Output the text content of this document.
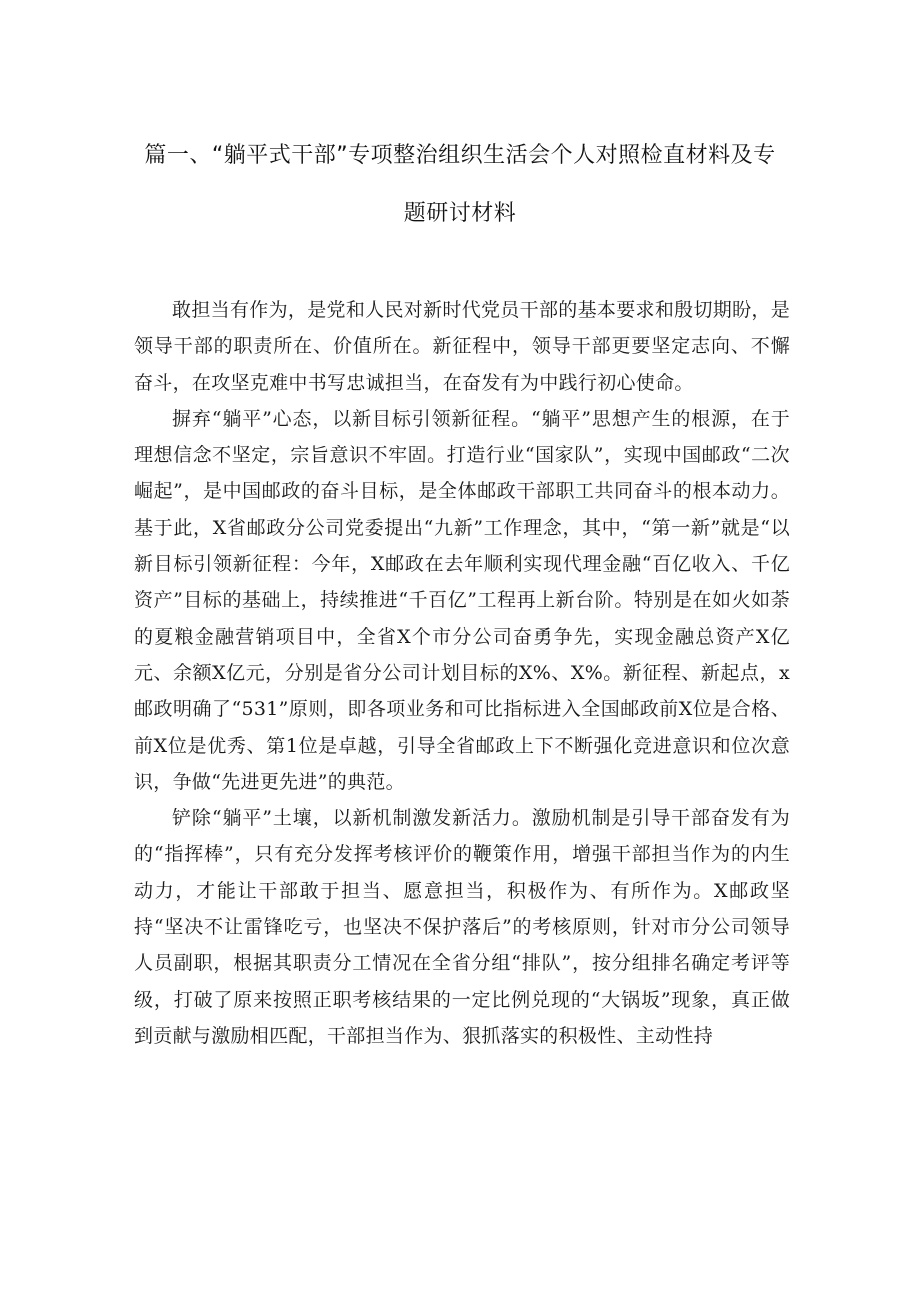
篇一、“躺平式干部”专项整治组织生活会个人对照检直材料及专
题研讨材料

敢担当有作为，是党和人民对新时代党员干部的基本要求和殷切期盼，是领导干部的职责所在、价值所在。新征程中，领导干部更要坚定志向、不懈奋斗，在攻坚克难中书写忠诚担当，在奋发有为中践行初心使命。

摒弃“躺平”心态，以新目标引领新征程。“躺平”思想产生的根源，在于理想信念不坚定，宗旨意识不牢固。打造行业“国家队”，实现中国邮政“二次崛起”，是中国邮政的奋斗目标，是全体邮政干部职工共同奋斗的根本动力。基于此，X省邮政分公司党委提出“九新”工作理念，其中，“第一新”就是“以新目标引领新征程：今年，X邮政在去年顺利实现代理金融“百亿收入、千亿资产”目标的基础上，持续推进“千百亿”工程再上新台阶。特别是在如火如荼的夏粮金融营销项目中，全省X个市分公司奋勇争先，实现金融总资产X亿元、余额X亿元，分别是省分公司计划目标的X%、X%。新征程、新起点，x邮政明确了“531”原则，即各项业务和可比指标进入全国邮政前X位是合格、前X位是优秀、第1位是卓越，引导全省邮政上下不断强化竞进意识和位次意识，争做“先进更先进”的典范。

铲除“躺平”土壤，以新机制激发新活力。激励机制是引导干部奋发有为的“指挥棒”，只有充分发挥考核评价的鞭策作用，增强干部担当作为的内生动力，才能让干部敢于担当、愿意担当，积极作为、有所作为。X邮政坚持“坚决不让雷锋吃亏，也坚决不保护落后”的考核原则，针对市分公司领导人员副职，根据其职责分工情况在全省分组“排队”，按分组排名确定考评等级，打破了原来按照正职考核结果的一定比例兑现的“大锅坂”现象，真正做到贡献与激励相匹配，干部担当作为、狠抓落实的积极性、主动性持
